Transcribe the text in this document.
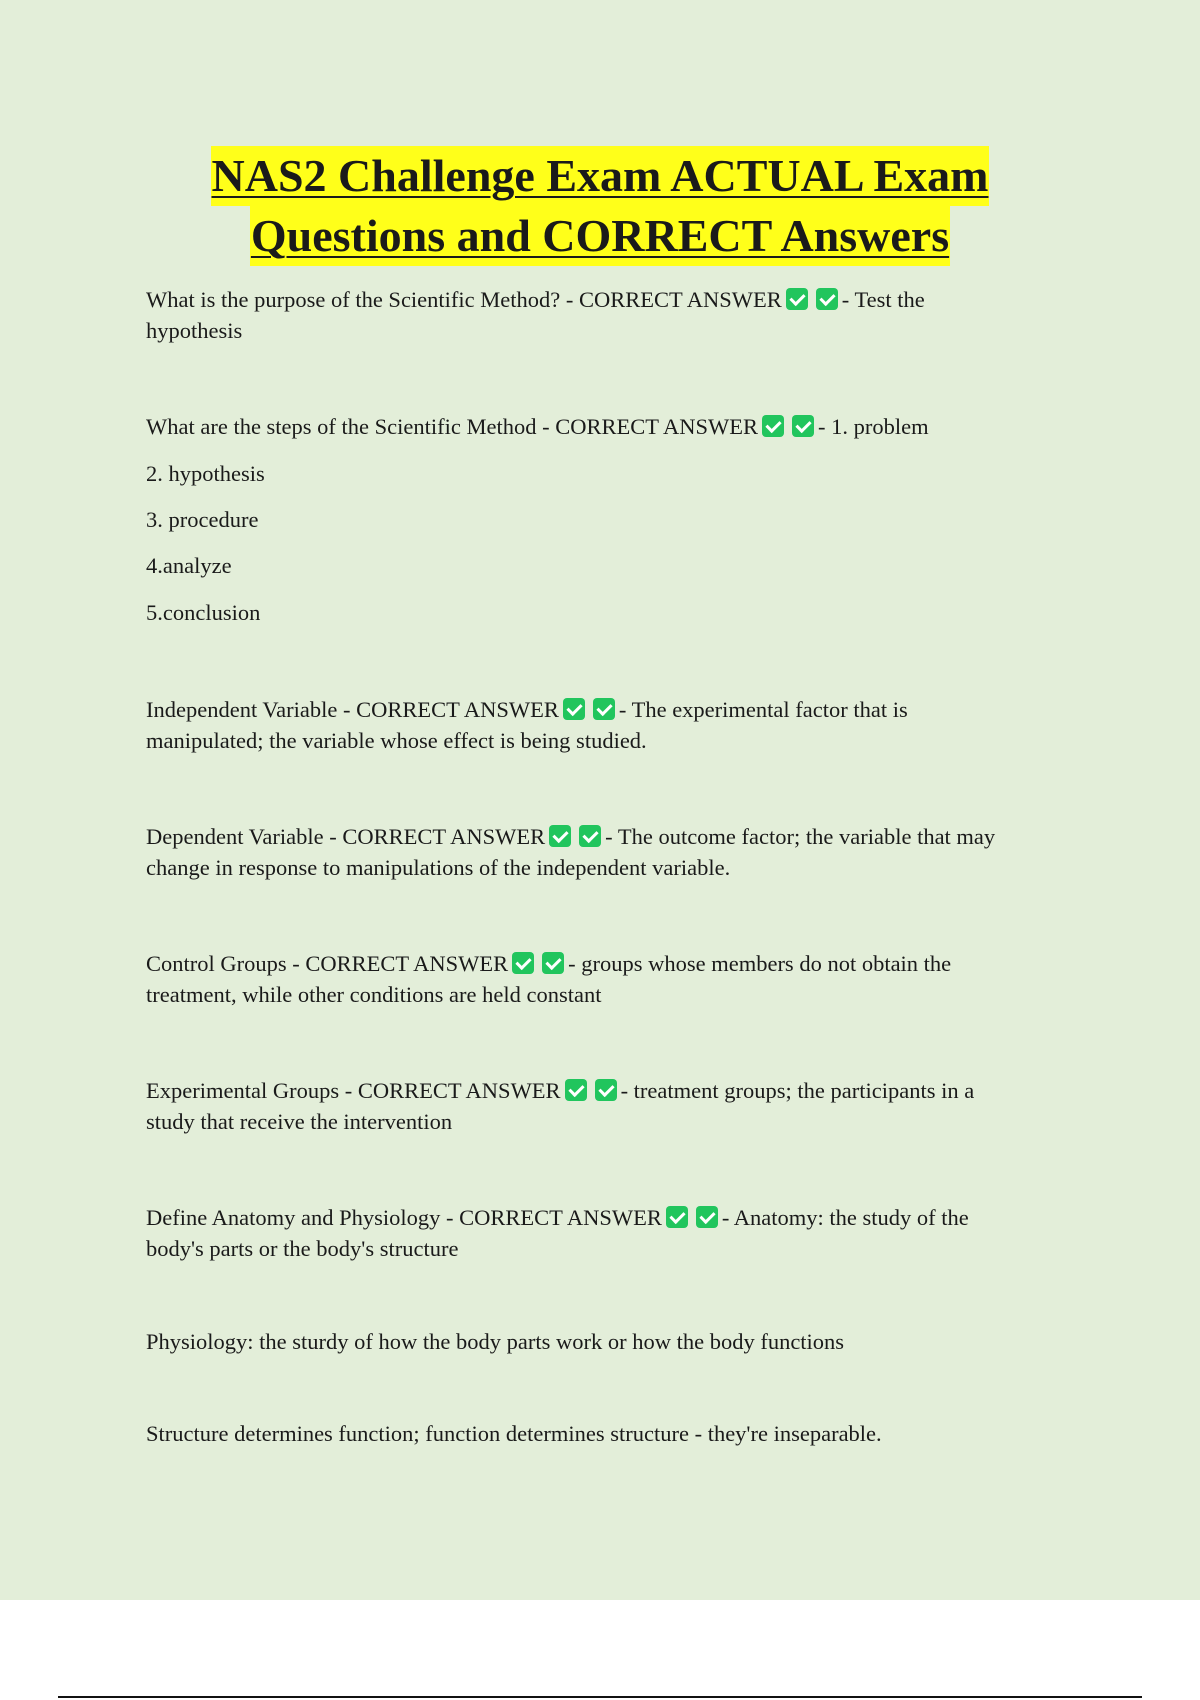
NAS2 Challenge Exam ACTUAL Exam
Questions and CORRECT Answers
What is the purpose of the Scientific Method? - CORRECT ANSWER	- Test the
hypothesis
What are the steps of the Scientific Method - CORRECT ANSWER	- 1. problem
2. hypothesis
3. procedure
4.analyze
5.conclusion
Independent Variable - CORRECT ANSWER	- The experimental factor that is
manipulated; the variable whose effect is being studied.
Dependent Variable - CORRECT ANSWER	- The outcome factor; the variable that may
change in response to manipulations of the independent variable.
Control Groups - CORRECT ANSWER	- groups whose members do not obtain the
treatment, while other conditions are held constant
Experimental Groups - CORRECT ANSWER	- treatment groups; the participants in a
study that receive the intervention
Define Anatomy and Physiology - CORRECT ANSWER	- Anatomy: the study of the
body's parts or the body's structure
Physiology: the sturdy of how the body parts work or how the body functions
Structure determines function; function determines structure - they're inseparable.
